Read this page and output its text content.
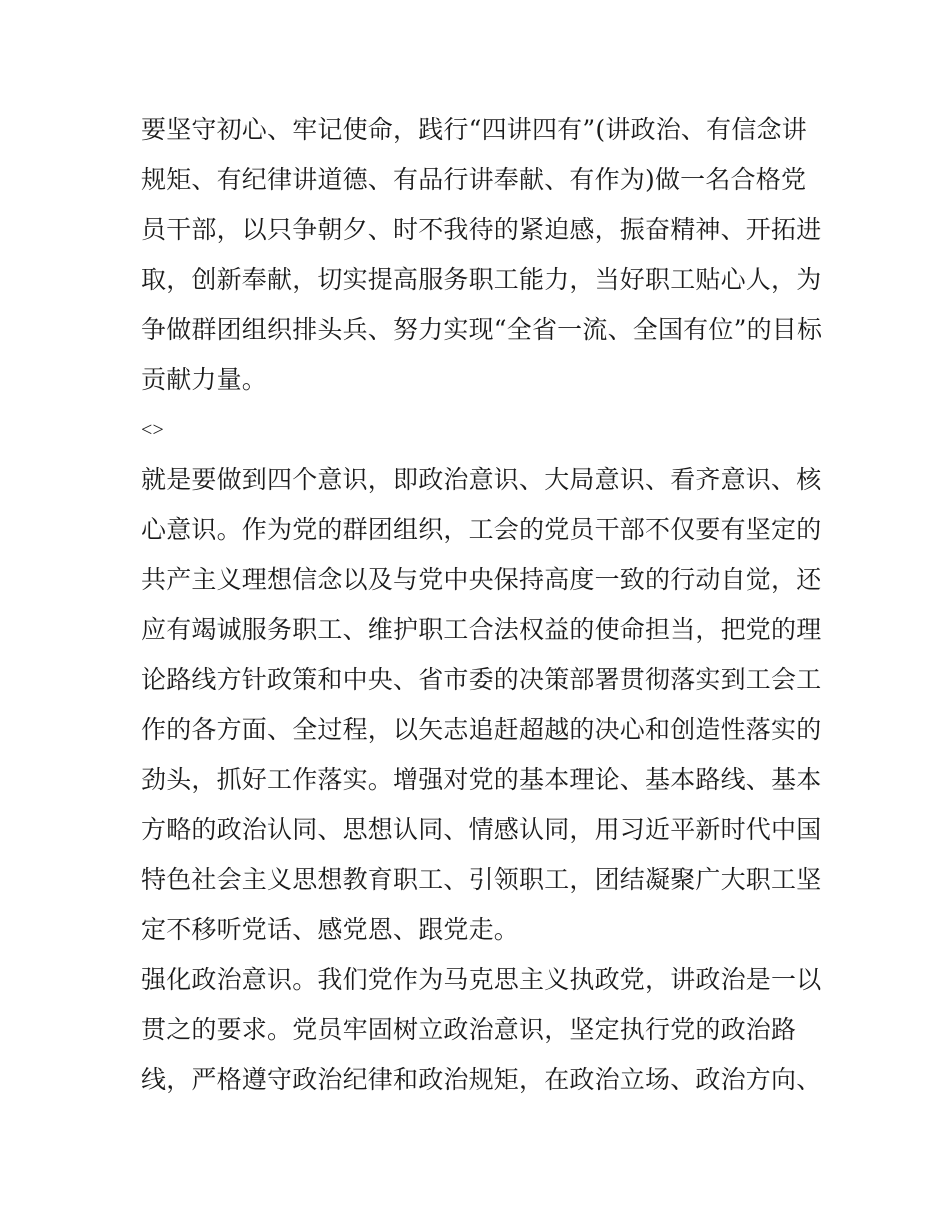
要坚守初心、牢记使命，践行“四讲四有”(讲政治、有信念讲
规矩、有纪律讲道德、有品行讲奉献、有作为)做一名合格党
员干部，以只争朝夕、时不我待的紧迫感，振奋精神、开拓进
取，创新奉献，切实提高服务职工能力，当好职工贴心人，为
争做群团组织排头兵、努力实现“全省一流、全国有位”的目标
贡献力量。
<>
就是要做到四个意识，即政治意识、大局意识、看齐意识、核
心意识。作为党的群团组织，工会的党员干部不仅要有坚定的
共产主义理想信念以及与党中央保持高度一致的行动自觉，还
应有竭诚服务职工、维护职工合法权益的使命担当，把党的理
论路线方针政策和中央、省市委的决策部署贯彻落实到工会工
作的各方面、全过程，以矢志追赶超越的决心和创造性落实的
劲头，抓好工作落实。增强对党的基本理论、基本路线、基本
方略的政治认同、思想认同、情感认同，用习近平新时代中国
特色社会主义思想教育职工、引领职工，团结凝聚广大职工坚
定不移听党话、感党恩、跟党走。
强化政治意识。我们党作为马克思主义执政党，讲政治是一以
贯之的要求。党员牢固树立政治意识，坚定执行党的政治路
线，严格遵守政治纪律和政治规矩，在政治立场、政治方向、
